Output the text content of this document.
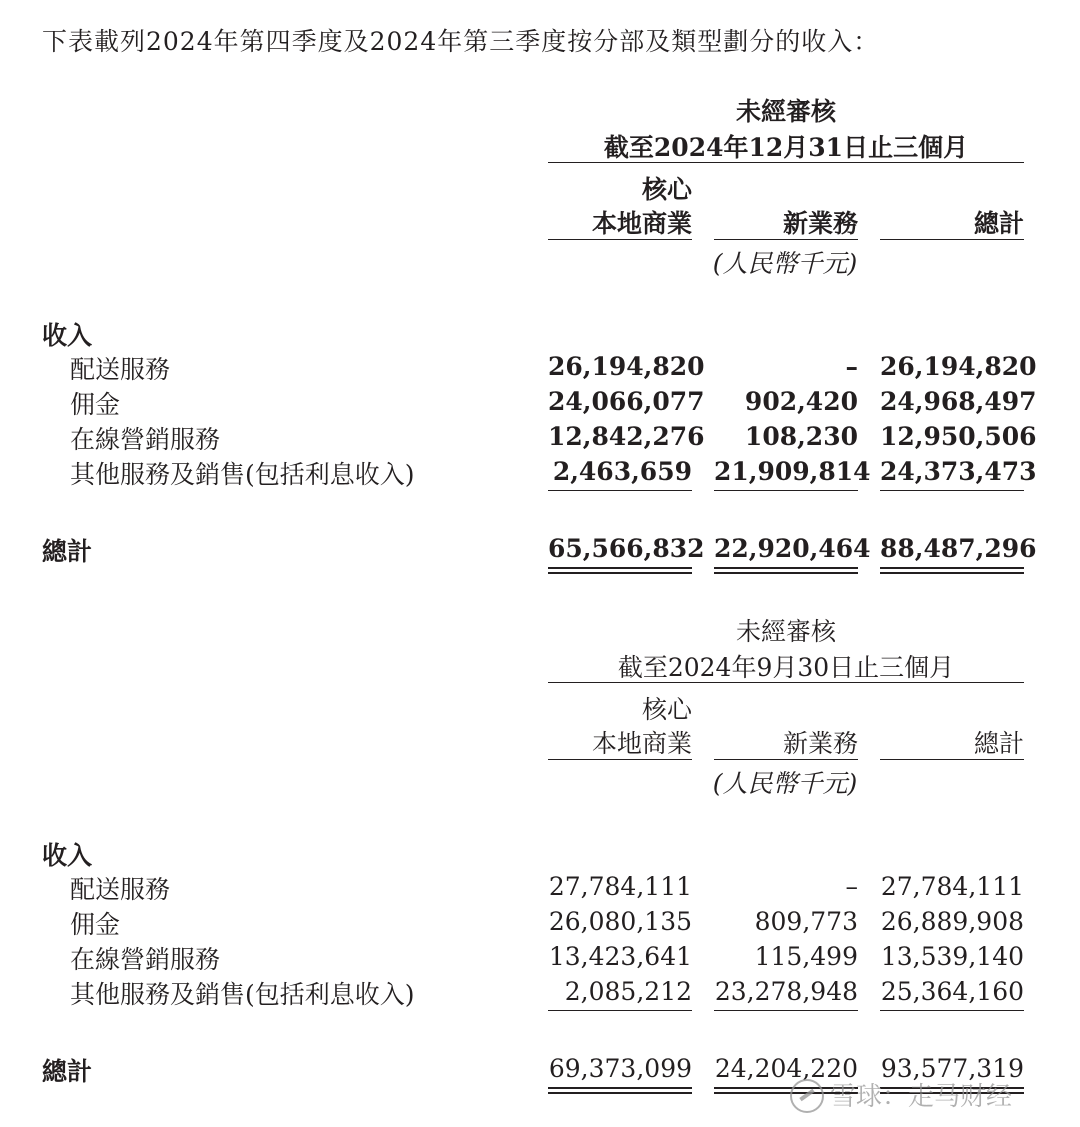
下表載列2024年第四季度及2024年第三季度按分部及類型劃分的收入：
未經審核
截至2024年12月31日止三個月
核心
本地商業	新業務	總計
(人民幣千元)
收入
配送服務	26,194,820	– 26,194,820
佣金	24,066,077	902,420 24,968,497
在線營銷服務	12,842,276	108,230 12,950,506
其他服務及銷售(包括利息收入)	2,463,659 21,909,814 24,373,473
總計	65,566,832 22,920,464 88,487,296
未經審核
截至2024年9月30日止三個月
核心
本地商業	新業務	總計
(人民幣千元)
收入
配送服務	27,784,111	– 27,784,111
佣金	26,080,135	809,773 26,889,908
在線營銷服務	13,423,641	115,499 13,539,140
其他服務及銷售(包括利息收入)	2,085,212 23,278,948 25,364,160
總計	69,373,099 24,204,220 93,577,319
雪球：走马财经
